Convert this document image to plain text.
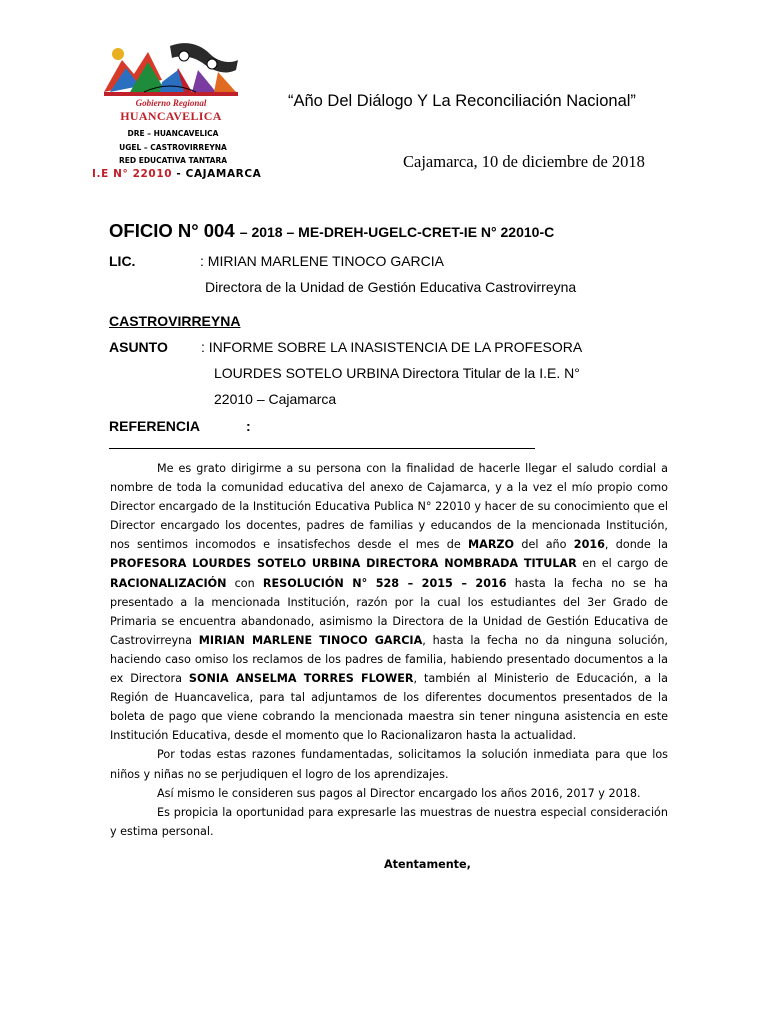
Gobierno Regional
HUANCAVELICA
DRE – HUANCAVELICA
UGEL – CASTROVIRREYNA
RED EDUCATIVA TANTARA
I.E N° 22010 - CAJAMARCA
“Año Del Diálogo Y La Reconciliación Nacional”
Cajamarca, 10 de diciembre de 2018
OFICIO N° 004 – 2018 – ME-DREH-UGELC-CRET-IE N° 22010-C
LIC.	: MIRIAN MARLENE TINOCO GARCIA
Directora de la Unidad de Gestión Educativa Castrovirreyna
CASTROVIRREYNA
ASUNTO : INFORME SOBRE LA INASISTENCIA DE LA PROFESORA
LOURDES SOTELO URBINA Directora Titular de la I.E. N°
22010 – Cajamarca
REFERENCIA	:

Me es grato dirigirme a su persona con la finalidad de hacerle llegar el saludo cordial a nombre de toda la comunidad educativa del anexo de Cajamarca, y a la vez el mío propio como Director encargado de la Institución Educativa Publica N° 22010 y hacer de su conocimiento que el Director encargado los docentes, padres de familias y educandos de la mencionada Institución, nos sentimos incomodos e insatisfechos desde el mes de MARZO del año 2016, donde la PROFESORA LOURDES SOTELO URBINA DIRECTORA NOMBRADA TITULAR en el cargo de RACIONALIZACIÓN con RESOLUCIÓN N° 528 – 2015 – 2016 hasta la fecha no se ha presentado a la mencionada Institución, razón por la cual los estudiantes del 3er Grado de Primaria se encuentra abandonado, asimismo la Directora de la Unidad de Gestión Educativa de Castrovirreyna MIRIAN MARLENE TINOCO GARCIA, hasta la fecha no da ninguna solución, haciendo caso omiso los reclamos de los padres de familia, habiendo presentado documentos a la ex Directora SONIA ANSELMA TORRES FLOWER, también al Ministerio de Educación, a la Región de Huancavelica, para tal adjuntamos de los diferentes documentos presentados de la boleta de pago que viene cobrando la mencionada maestra sin tener ninguna asistencia en este Institución Educativa, desde el momento que lo Racionalizaron hasta la actualidad.

Por todas estas razones fundamentadas, solicitamos la solución inmediata para que los niños y niñas no se perjudiquen el logro de los aprendizajes.

Así mismo le consideren sus pagos al Director encargado los años 2016, 2017 y 2018.

Es propicia la oportunidad para expresarle las muestras de nuestra especial consideración y estima personal.

Atentamente,
